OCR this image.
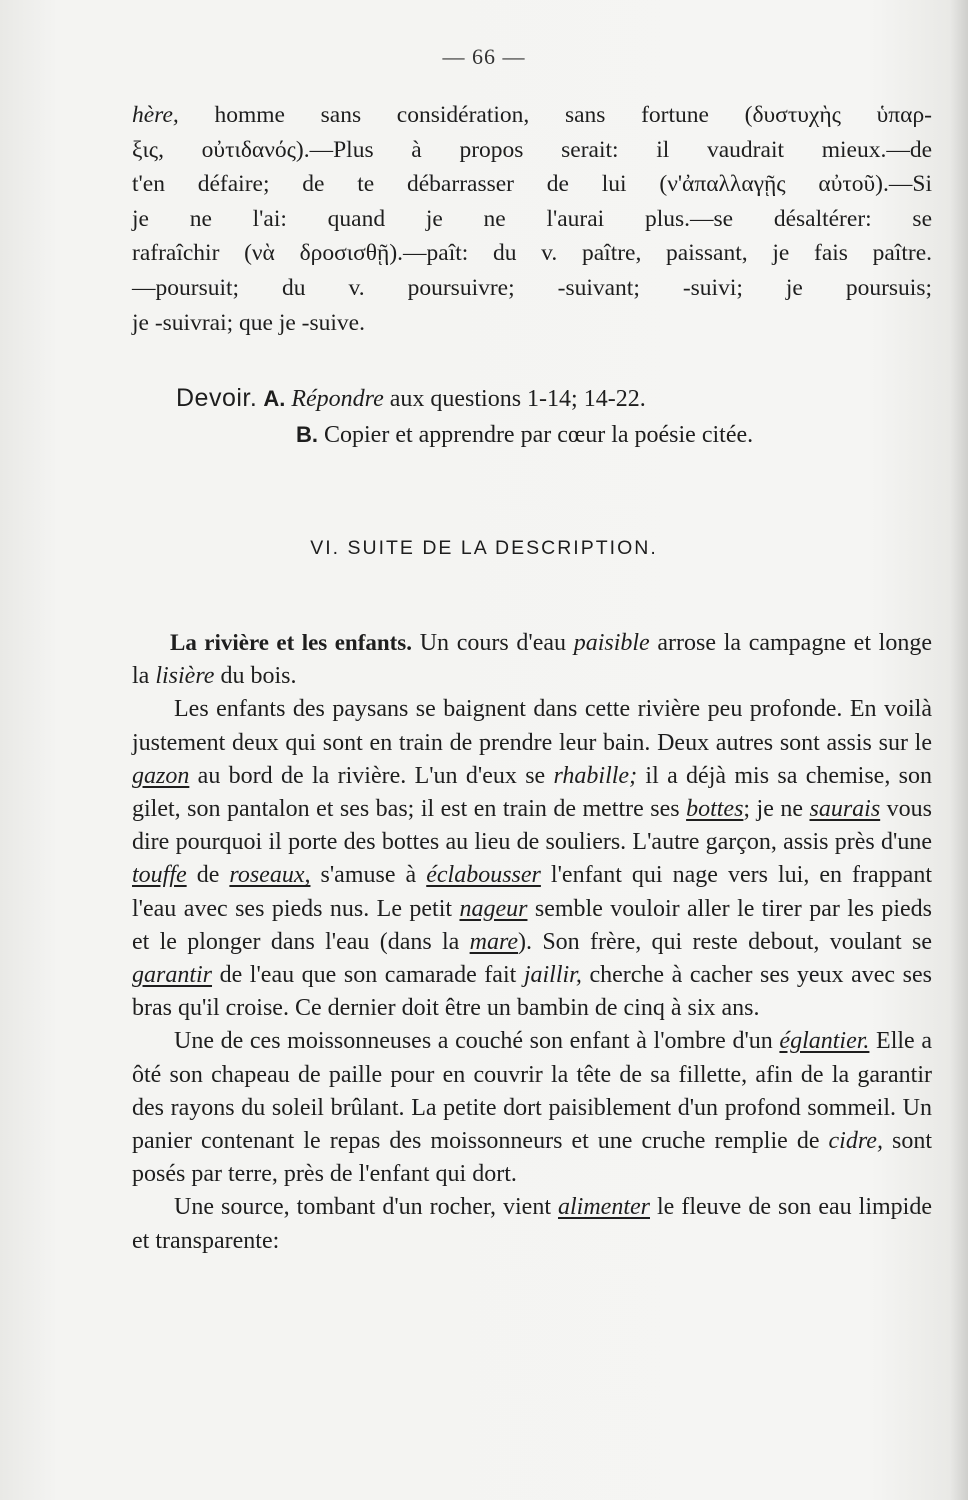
— 66 —
hère, homme sans considération, sans fortune (δυστυχὴς ὑπαρ-
ξις, οὐτιδανός).—Plus à propos serait: il vaudrait mieux.—de
t'en défaire; de te débarrasser de lui (ν'ἀπαλλαγῇς αὐτοῦ).—Si
je ne l'ai: quand je ne l'aurai plus.—se désaltérer: se
rafraîchir (νὰ δροσισθῇ).—paît: du v. paître, paissant, je fais paître.
—poursuit; du v. poursuivre; -suivant; -suivi; je poursuis;
je -suivrai; que je -suive.
Devoir. A. Répondre aux questions 1-14; 14-22.
B. Copier et apprendre par cœur la poésie citée.
VI. SUITE DE LA DESCRIPTION.

La rivière et les enfants. Un cours d'eau paisible arrose la campagne et longe la lisière du bois.

Les enfants des paysans se baignent dans cette rivière peu profonde. En voilà justement deux qui sont en train de prendre leur bain. Deux autres sont assis sur le gazon au bord de la rivière. L'un d'eux se rhabille; il a déjà mis sa chemise, son gilet, son pantalon et ses bas; il est en train de mettre ses bottes; je ne saurais vous dire pourquoi il porte des bottes au lieu de souliers. L'autre garçon, assis près d'une touffe de roseaux, s'amuse à éclabousser l'enfant qui nage vers lui, en frappant l'eau avec ses pieds nus. Le petit nageur semble vouloir aller le tirer par les pieds et le plonger dans l'eau (dans la mare). Son frère, qui reste debout, voulant se garantir de l'eau que son camarade fait jaillir, cherche à cacher ses yeux avec ses bras qu'il croise. Ce dernier doit être un bambin de cinq à six ans.

Une de ces moissonneuses a couché son enfant à l'ombre d'un églantier. Elle a ôté son chapeau de paille pour en couvrir la tête de sa fillette, afin de la garantir des rayons du soleil brûlant. La petite dort paisiblement d'un profond sommeil. Un panier contenant le repas des moissonneurs et une cruche remplie de cidre, sont posés par terre, près de l'enfant qui dort.

Une source, tombant d'un rocher, vient alimenter le fleuve de son eau limpide et transparente:
